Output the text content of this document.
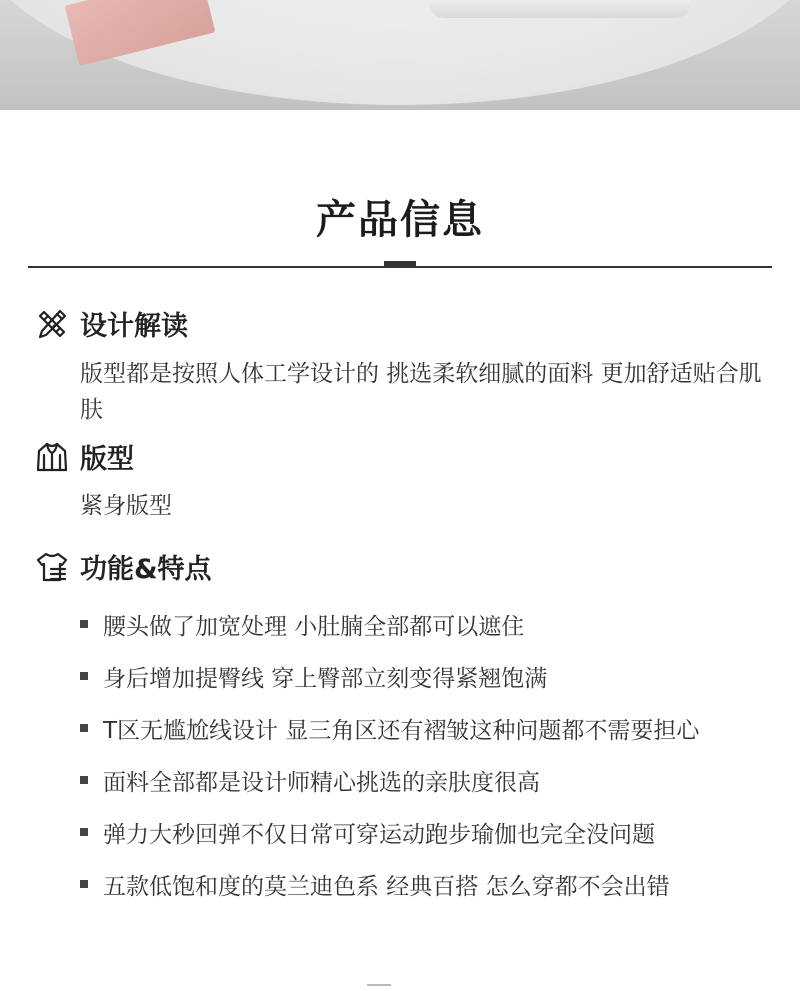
产品信息
设计解读

版型都是按照人体工学设计的 挑选柔软细腻的面料 更加舒适贴合肌肤

版型

紧身版型

功能&特点
腰头做了加宽处理 小肚腩全部都可以遮住
身后增加提臀线 穿上臀部立刻变得紧翘饱满
T区无尴尬线设计 显三角区还有褶皱这种问题都不需要担心
面料全部都是设计师精心挑选的亲肤度很高
弹力大秒回弹不仅日常可穿运动跑步瑜伽也完全没问题
五款低饱和度的莫兰迪色系 经典百搭 怎么穿都不会出错
